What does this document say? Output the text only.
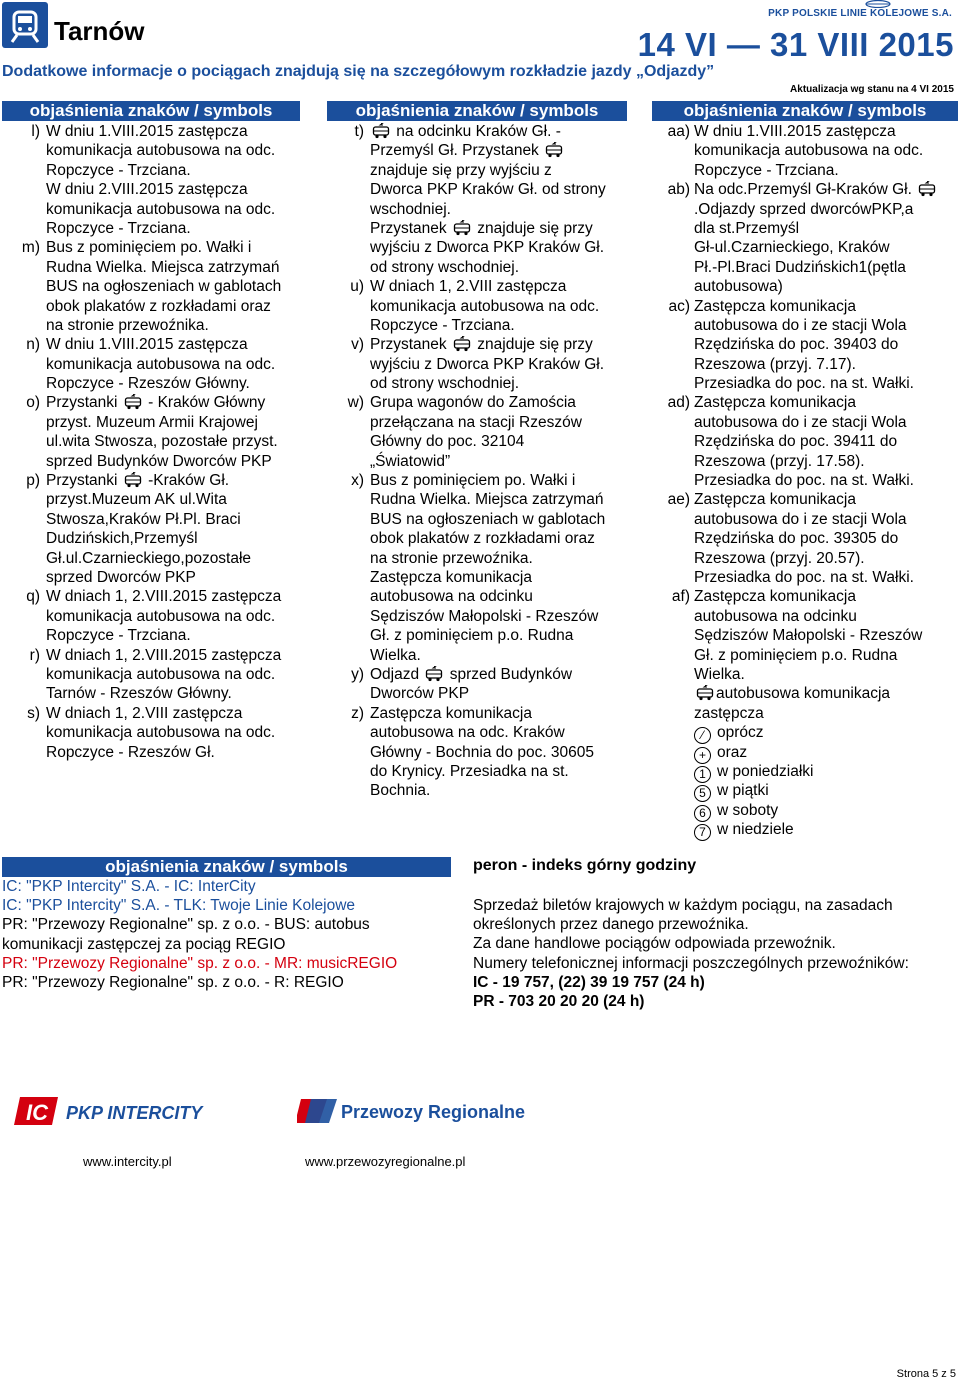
Tarnów
PKP POLSKIE LINIE KOLEJOWE S.A.
14 VI — 31 VIII 2015
Dodatkowe informacje o pociągach znajdują się na szczegółowym rozkładzie jazdy „Odjazdy”
Aktualizacja wg stanu na 4 VI 2015
objaśnienia znaków / symbols	objaśnienia znaków / symbols	objaśnienia znaków / symbols
l) W dniu 1.VIII.2015 zastępcza
komunikacja autobusowa na odc.
Ropczyce - Trzciana.
W dniu 2.VIII.2015 zastępcza
komunikacja autobusowa na odc.
Ropczyce - Trzciana.
m) Bus z pominięciem po. Wałki i
Rudna Wielka. Miejsca zatrzymań
BUS na ogłoszeniach w gablotach
obok plakatów z rozkładami oraz
na stronie przewoźnika.
n) W dniu 1.VIII.2015 zastępcza
komunikacja autobusowa na odc.
Ropczyce - Rzeszów Główny.
o) Przystanki  - Kraków Główny
przyst. Muzeum Armii Krajowej
ul.wita Stwosza, pozostałe przyst.
sprzed Budynków Dworców PKP
p) Przystanki  -Kraków Gł.
przyst.Muzeum AK ul.Wita
Stwosza,Kraków Pł.Pl. Braci
Dudzińskich,Przemyśl
Gł.ul.Czarnieckiego,pozostałe
sprzed Dworców PKP
q) W dniach 1, 2.VIII.2015 zastępcza
komunikacja autobusowa na odc.
Ropczyce - Trzciana.
r) W dniach 1, 2.VIII.2015 zastępcza
komunikacja autobusowa na odc.
Tarnów - Rzeszów Główny.
s) W dniach 1, 2.VIII zastępcza
komunikacja autobusowa na odc.
Ropczyce - Rzeszów Gł.
t)	na odcinku Kraków Gł. -
Przemyśl Gł. Przystanek
znajduje się przy wyjściu z
Dworca PKP Kraków Gł. od strony
wschodniej.
Przystanek  znajduje się przy
wyjściu z Dworca PKP Kraków Gł.
od strony wschodniej.
u) W dniach 1, 2.VIII zastępcza
komunikacja autobusowa na odc.
Ropczyce - Trzciana.
v) Przystanek  znajduje się przy
wyjściu z Dworca PKP Kraków Gł.
od strony wschodniej.
w) Grupa wagonów do Zamościa
przełączana na stacji Rzeszów
Główny do poc. 32104
„Światowid”
x) Bus z pominięciem po. Wałki i
Rudna Wielka. Miejsca zatrzymań
BUS na ogłoszeniach w gablotach
obok plakatów z rozkładami oraz
na stronie przewoźnika.
Zastępcza komunikacja
autobusowa na odcinku
Sędziszów Małopolski - Rzeszów
Gł. z pominięciem p.o. Rudna
Wielka.
y) Odjazd  sprzed Budynków
Dworców PKP
z) Zastępcza komunikacja
autobusowa na odc. Kraków
Główny - Bochnia do poc. 30605
do Krynicy. Przesiadka na st.
Bochnia.
aa) W dniu 1.VIII.2015 zastępcza
komunikacja autobusowa na odc.
Ropczyce - Trzciana.
ab) Na odc.Przemyśl Gł-Kraków Gł.
.Odjazdy sprzed dworcówPKP,a
dla st.Przemyśl
Gł-ul.Czarnieckiego, Kraków
Pł.-Pl.Braci Dudzińskich1(pętla
autobusowa)
ac) Zastępcza komunikacja
autobusowa do i ze stacji Wola
Rzędzińska do poc. 39403 do
Rzeszowa (przyj. 7.17).
Przesiadka do poc. na st. Wałki.
ad) Zastępcza komunikacja
autobusowa do i ze stacji Wola
Rzędzińska do poc. 39411 do
Rzeszowa (przyj. 17.58).
Przesiadka do poc. na st. Wałki.
ae) Zastępcza komunikacja
autobusowa do i ze stacji Wola
Rzędzińska do poc. 39305 do
Rzeszowa (przyj. 20.57).
Przesiadka do poc. na st. Wałki.
af) Zastępcza komunikacja
autobusowa na odcinku
Sędziszów Małopolski - Rzeszów
Gł. z pominięciem p.o. Rudna
Wielka.
autobusowa komunikacja
zastępcza
⁄ oprócz
+ oraz
1 w poniedziałki
5 w piątki
6 w soboty
7 w niedziele
objaśnienia znaków / symbols
IC: "PKP Intercity" S.A. - IC: InterCity
IC: "PKP Intercity" S.A. - TLK: Twoje Linie Kolejowe
PR: "Przewozy Regionalne" sp. z o.o. - BUS: autobus
komunikacji zastępczej za pociąg REGIO
PR: "Przewozy Regionalne" sp. z o.o. - MR: musicREGIO
PR: "Przewozy Regionalne" sp. z o.o. - R: REGIO
peron - indeks górny godziny
Sprzedaż biletów krajowych w każdym pociągu, na zasadach
określonych przez danego przewoźnika.
Za dane handlowe pociągów odpowiada przewoźnik.
Numery telefonicznej informacji poszczególnych przewoźników:
IC - 19 757, (22) 39 19 757 (24 h)
PR - 703 20 20 20 (24 h)
IC PKP INTERCITY	Przewozy Regionalne
www.intercity.pl	www.przewozyregionalne.pl
Strona 5 z 5
